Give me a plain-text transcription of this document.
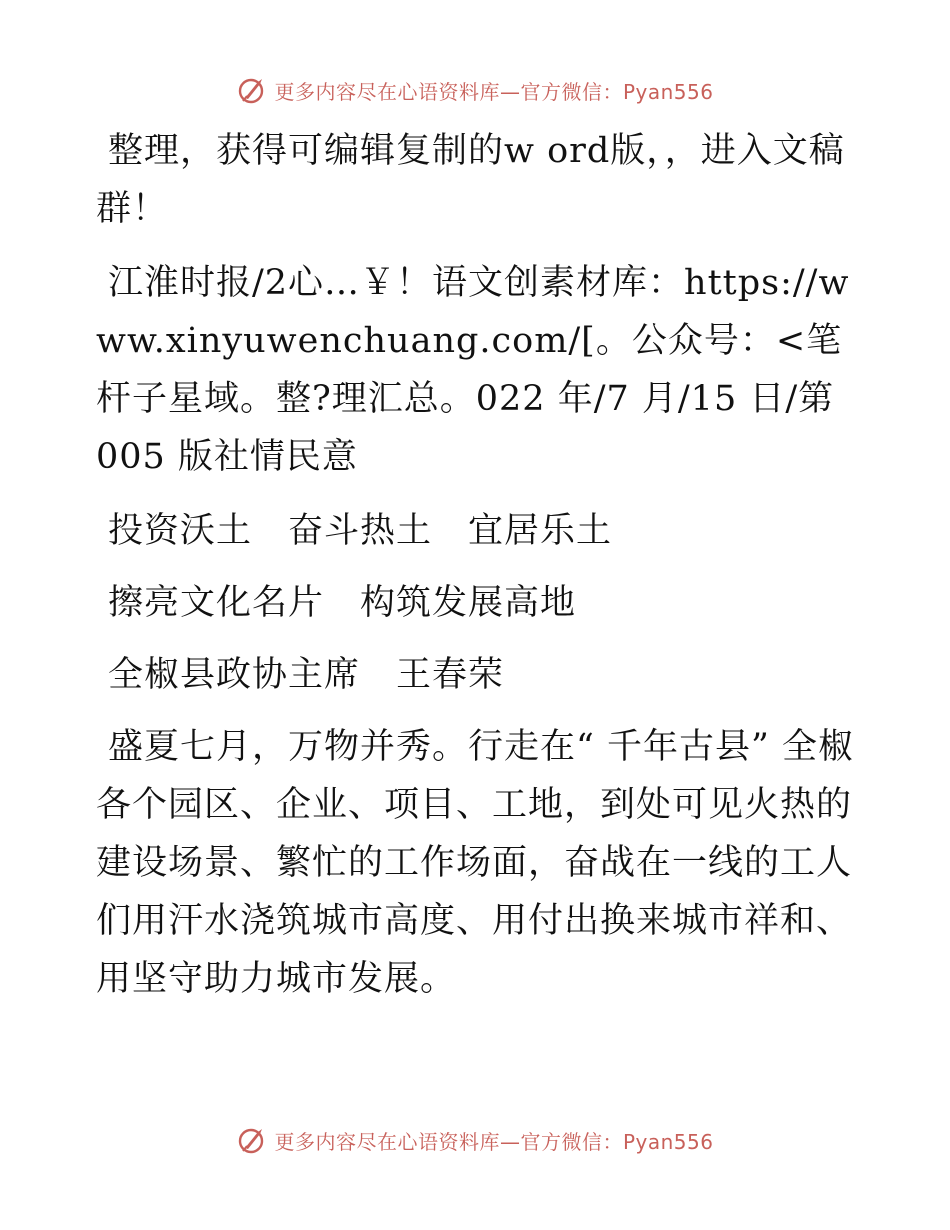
更多内容尽在心语资料库—官方微信：Pyan556

整理，获得可编辑复制的w ord版，，进入文稿群！

江淮时报/2心…￥！语文创素材库：https://www.xinyuwenchuang.com/[。公众号：<笔杆子星域。整?理汇总。022 年/7 月/15 日/第 005 版社情民意

投资沃土 奋斗热土 宜居乐土

擦亮文化名片 构筑发展高地

全椒县政协主席 王春荣

盛夏七月，万物并秀。行走在“ 千年古县” 全椒各个园区、企业、项目、工地，到处可见火热的建设场景、繁忙的工作场面，奋战在一线的工人们用汗水浇筑城市高度、用付出换来城市祥和、用坚守助力城市发展。

更多内容尽在心语资料库—官方微信：Pyan556
